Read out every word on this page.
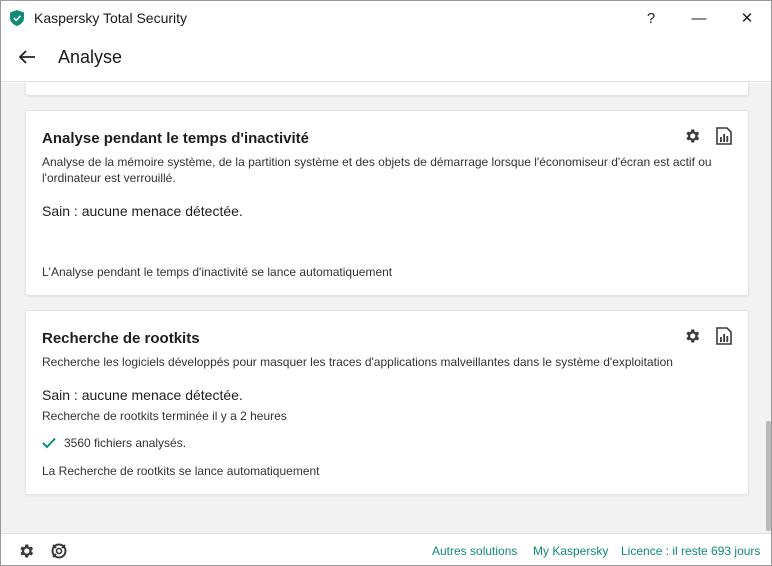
Kaspersky Total Security	?	—	✕
Analyse
Analyse pendant le temps d'inactivité
Analyse de la mémoire système, de la partition système et des objets de démarrage lorsque l'économiseur d'écran est actif ou l'ordinateur est verrouillé.
Sain : aucune menace détectée.
L'Analyse pendant le temps d'inactivité se lance automatiquement
Recherche de rootkits
Recherche les logiciels développés pour masquer les traces d'applications malveillantes dans le système d'exploitation
Sain : aucune menace détectée.
Recherche de rootkits terminée il y a 2 heures
3560 fichiers analysés.
La Recherche de rootkits se lance automatiquement
Autres solutions My Kaspersky Licence : il reste 693 jours
